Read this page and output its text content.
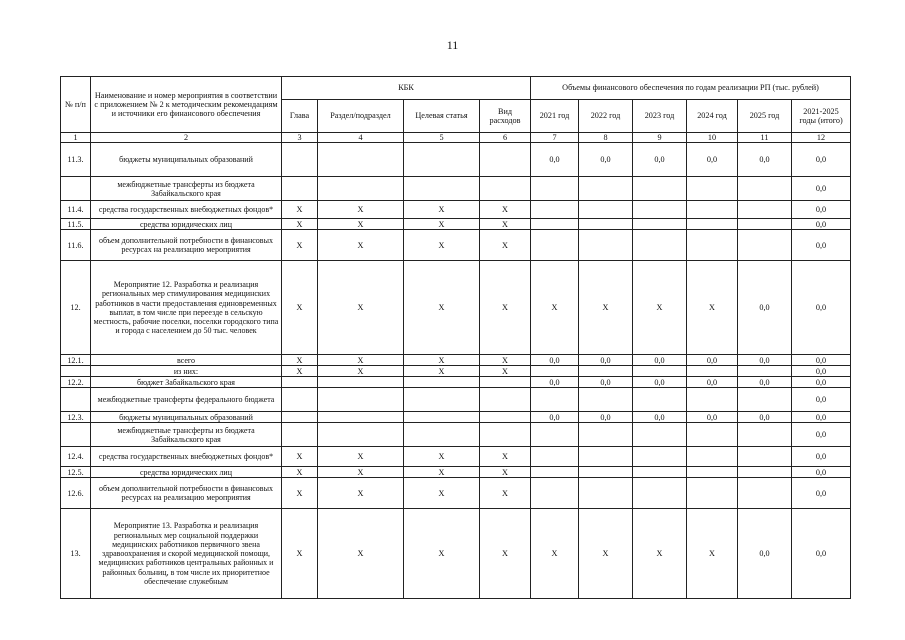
11
№ п/п	Наименование и номер мероприятия в соответствии с приложением № 2 к методическим рекомендациям и источники его финансового обеспечения	КБК				Объемы финансового обеспечения по годам реализации РП (тыс. рублей)					
		Глава	Раздел/подраздел	Целевая статья	Вид расходов	2021 год	2022 год	2023 год	2024 год	2025 год	2021-2025 годы (итого)
1	2	3	4	5	6	7	8	9	10	11	12
11.3.	бюджеты муниципальных образований					0,0	0,0	0,0	0,0	0,0	0,0
	межбюджетные трансферты из бюджета Забайкальского края										0,0
11.4.	средства государственных внебюджетных фондов*	X	X	X	X						0,0
11.5.	средства юридических лиц	X	X	X	X						0,0
11.6.	объем дополнительной потребности в финансовых ресурсах на реализацию мероприятия	X	X	X	X						0,0
12.	Мероприятие 12. Разработка и реализация региональных мер стимулирования медицинских работников в части предоставления единовременных выплат, в том числе при переезде в сельскую местность, рабочие поселки, поселки городского типа и города с населением до 50 тыс. человек	X	X	X	X	X	X	X	X	0,0	0,0
12.1.	всего	X	X	X	X	0,0	0,0	0,0	0,0	0,0	0,0
	из них:	X	X	X	X						0,0
12.2.	бюджет Забайкальского края					0,0	0,0	0,0	0,0	0,0	0,0
	межбюджетные трансферты федерального бюджета										0,0
12.3.	бюджеты муниципальных образований					0,0	0,0	0,0	0,0	0,0	0,0
	межбюджетные трансферты из бюджета Забайкальского края										0,0
12.4.	средства государственных внебюджетных фондов*	X	X	X	X						0,0
12.5.	средства юридических лиц	X	X	X	X						0,0
12.6.	объем дополнительной потребности в финансовых ресурсах на реализацию мероприятия	X	X	X	X						0,0
13.	Мероприятие 13. Разработка и реализация региональных мер социальной поддержки медицинских работников первичного звена здравоохранения и скорой медицинской помощи, медицинских работников центральных районных и районных больниц, в том числе их приоритетное обеспечение служебным	X	X	X	X	X	X	X	X	0,0	0,0
